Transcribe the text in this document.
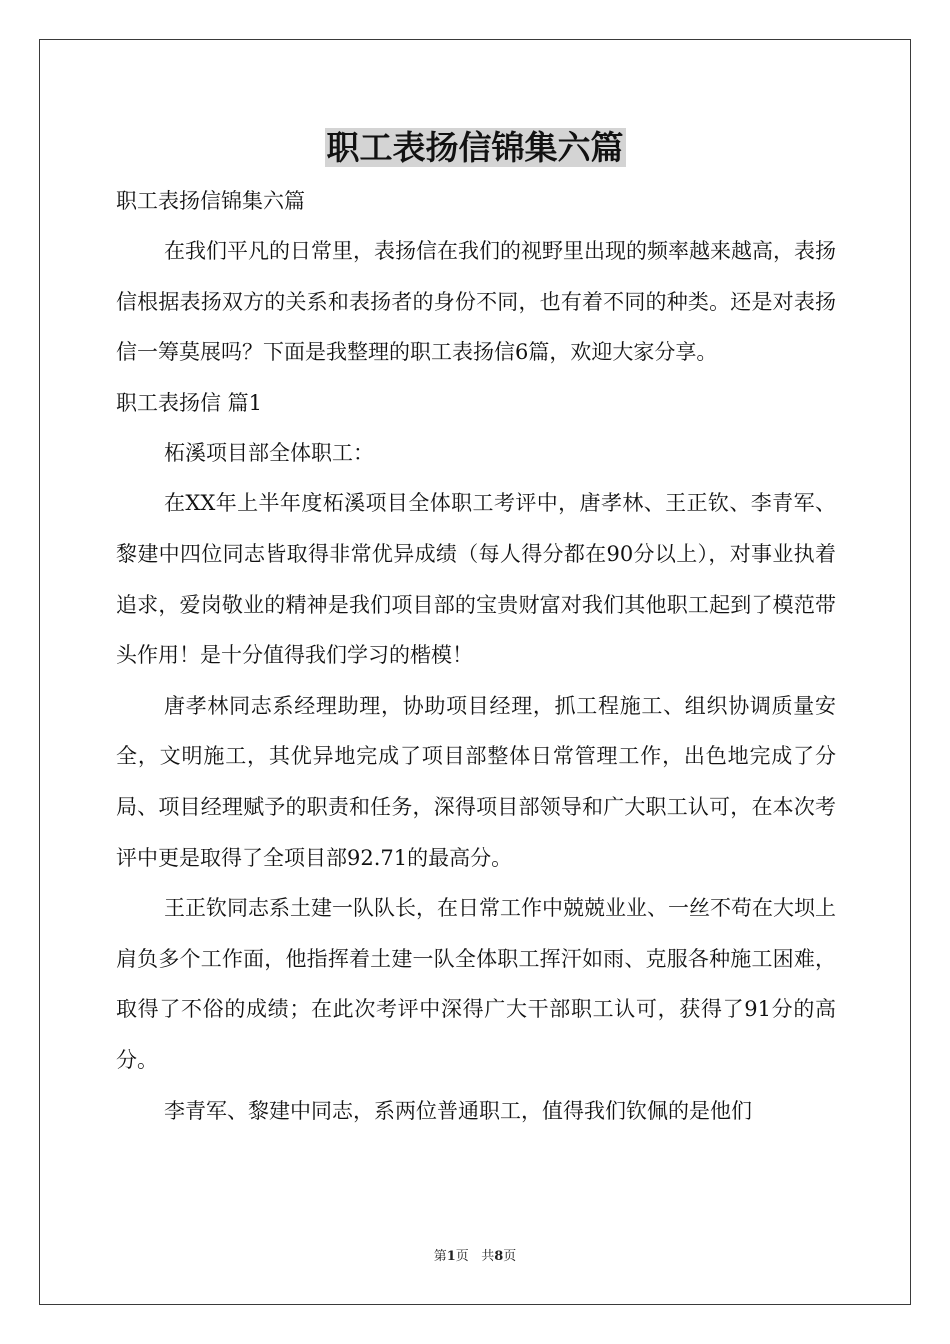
职工表扬信锦集六篇

职工表扬信锦集六篇

在我们平凡的日常里，表扬信在我们的视野里出现的频率越来越高，表扬信根据表扬双方的关系和表扬者的身份不同，也有着不同的种类。还是对表扬信一筹莫展吗？下面是我整理的职工表扬信6篇，欢迎大家分享。

职工表扬信 篇1

柘溪项目部全体职工：

在XX年上半年度柘溪项目全体职工考评中，唐孝林、王正钦、李青军、黎建中四位同志皆取得非常优异成绩（每人得分都在90分以上），对事业执着追求，爱岗敬业的精神是我们项目部的宝贵财富对我们其他职工起到了模范带头作用！是十分值得我们学习的楷模！

唐孝林同志系经理助理，协助项目经理，抓工程施工、组织协调质量安全，文明施工，其优异地完成了项目部整体日常管理工作，出色地完成了分局、项目经理赋予的职责和任务，深得项目部领导和广大职工认可，在本次考评中更是取得了全项目部92.71的最高分。

王正钦同志系土建一队队长，在日常工作中兢兢业业、一丝不苟在大坝上肩负多个工作面，他指挥着土建一队全体职工挥汗如雨、克服各种施工困难，取得了不俗的成绩；在此次考评中深得广大干部职工认可，获得了91分的高分。

李青军、黎建中同志，系两位普通职工，值得我们钦佩的是他们

第1页 共8页
